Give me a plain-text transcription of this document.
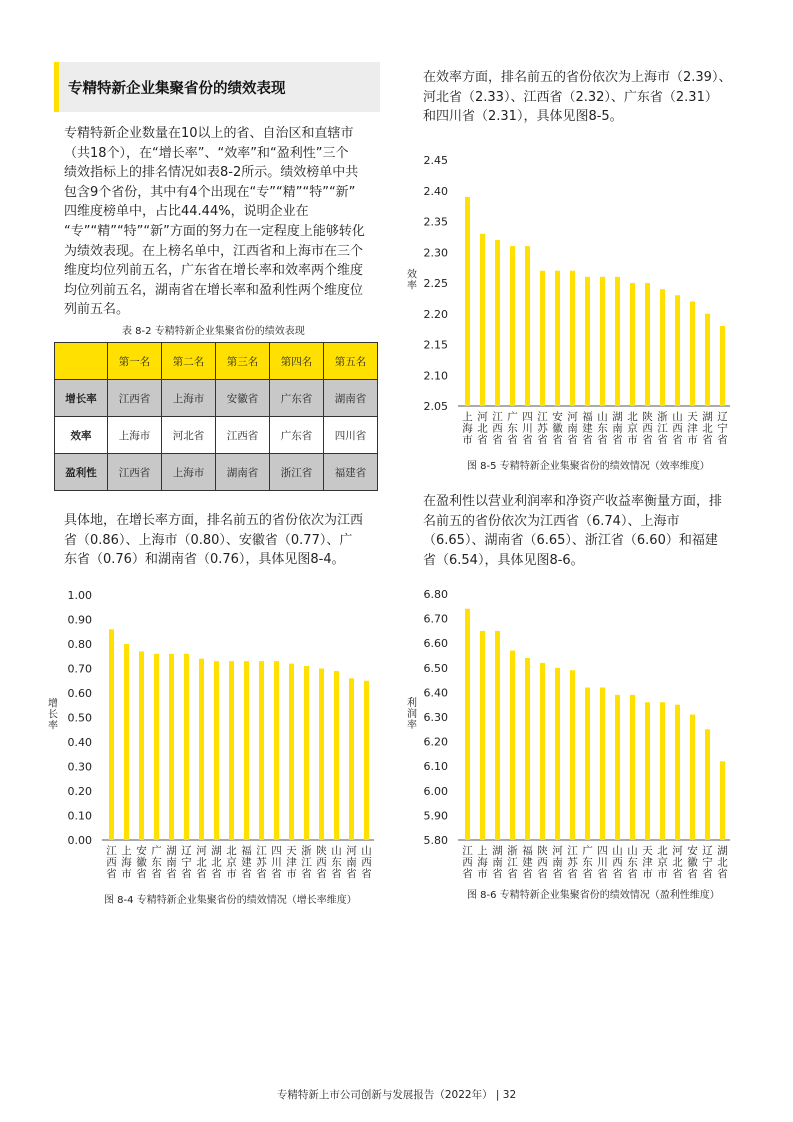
专精特新企业集聚省份的绩效表现
专精特新企业数量在10以上的省、自治区和直辖市
（共18个），在“增长率”、“效率”和“盈利性”三个
绩效指标上的排名情况如表8-2所示。绩效榜单中共
包含9个省份，其中有4个出现在“专”“精”“特”“新”
四维度榜单中，占比44.44%，说明企业在
“专”“精”“特”“新”方面的努力在一定程度上能够转化
为绩效表现。在上榜名单中，江西省和上海市在三个
维度均位列前五名，广东省在增长率和效率两个维度
均位列前五名，湖南省在增长率和盈利性两个维度位
列前五名。
表 8-2 专精特新企业集聚省份的绩效表现
	第一名	第二名	第三名	第四名	第五名
增长率	江西省	上海市	安徽省	广东省	湖南省
效率	上海市	河北省	江西省	广东省	四川省
盈利性	江西省	上海市	湖南省	浙江省	福建省
具体地，在增长率方面，排名前五的省份依次为江西
省（0.86）、上海市（0.80）、安徽省（0.77）、广
东省（0.76）和湖南省（0.76），具体见图8-4。
在效率方面，排名前五的省份依次为上海市（2.39）、
河北省（2.33）、江西省（2.32）、广东省（2.31）
和四川省（2.31），具体见图8-5。
在盈利性以营业利润率和净资产收益率衡量方面，排
名前五的省份依次为江西省（6.74）、上海市
（6.65）、湖南省（6.65）、浙江省（6.60）和福建
省（6.54），具体见图8-6。
1.00
0.90
0.80
0.70
0.60
0.50
0.40
0.30
0.20
0.10
0.00
增长率
江西省
上海市
安徽省
广东省
湖南省
辽宁省
河北省
湖北省
北京市
福建省
江苏省
四川省
天津市
浙江省
陕西省
山东省
河南省
山西省
图 8-4 专精特新企业集聚省份的绩效情况（增长率维度）
2.45
2.40
2.35
2.30
2.25
2.20
2.15
2.10
2.05
效率
上海市
河北省
江西省
广东省
四川省
江苏省
安徽省
河南省
福建省
山东省
湖南省
北京市
陕西省
浙江省
山西省
天津市
湖北省
辽宁省
图 8-5 专精特新企业集聚省份的绩效情况（效率维度）
6.80
6.70
6.60
6.50
6.40
6.30
6.20
6.10
6.00
5.90
5.80
利润率
江西省
上海市
湖南省
浙江省
福建省
陕西省
河南省
江苏省
广东省
四川省
山西省
山东省
天津市
北京市
河北省
安徽省
辽宁省
湖北省
图 8-6 专精特新企业集聚省份的绩效情况（盈利性维度）
专精特新上市公司创新与发展报告（2022年） | 32
